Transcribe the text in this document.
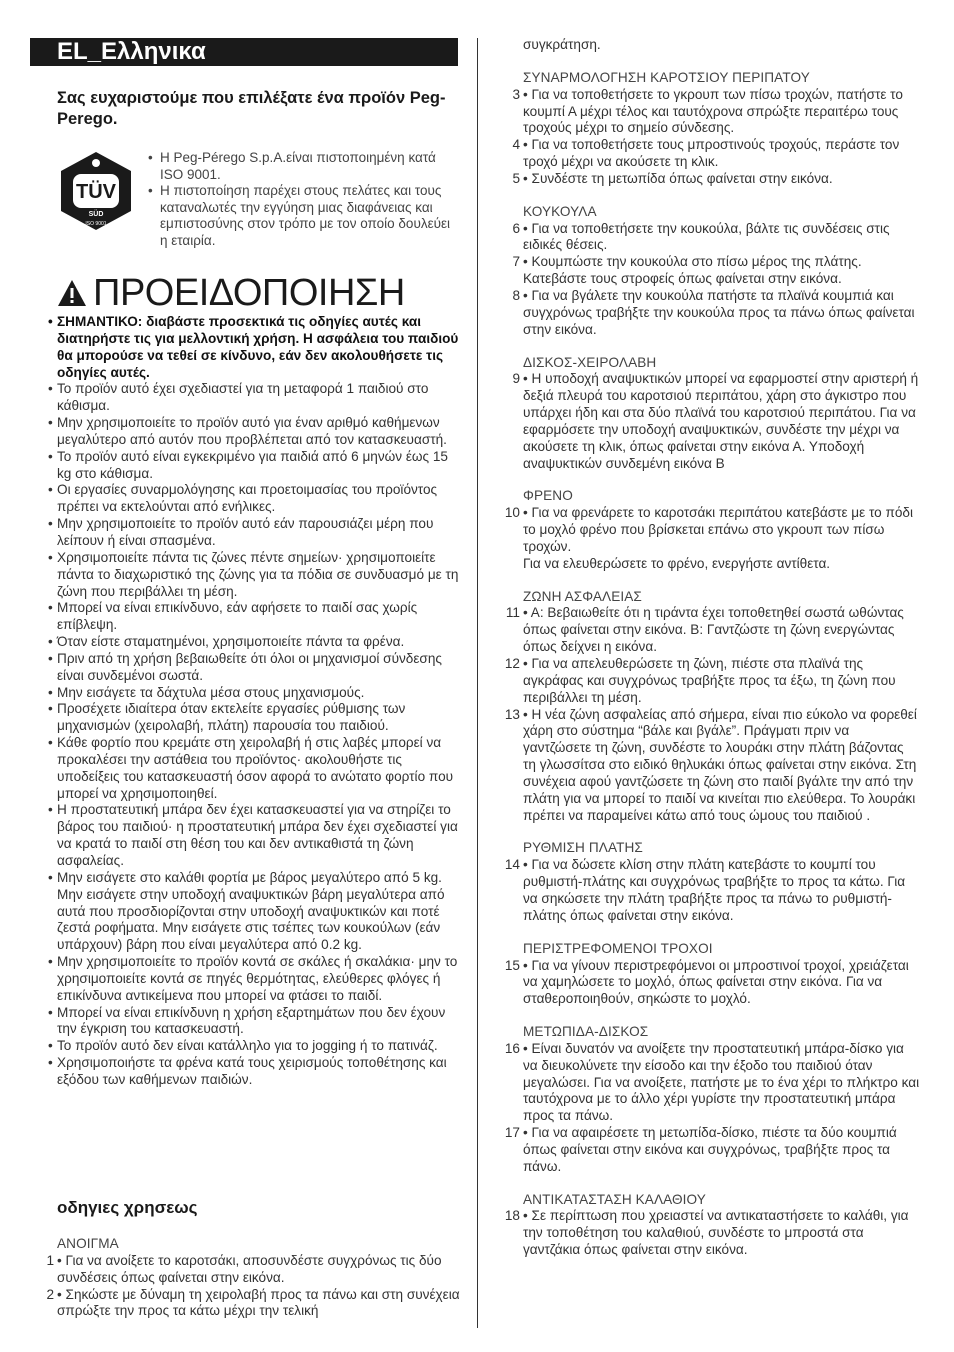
EL_Ελληνικα
Σας ευχαριστούμε που επιλέξατε ένα προϊόν Peg-Perego.
TÜV
SÜD
ISO 9001
• Η Peg-Pérego S.p.A.είναι πιστοποιημένη κατά ISO 9001.
• Η πιστοποίηση παρέχει στους πελάτες και τους καταναλωτές την εγγύηση μιας διαφάνειας και εμπιστοσύνης στον τρόπο με τον οποίο δουλεύει η εταιρία.
ΠΡΟΕΙΔΟΠΟΙΗΣΗ
• ΣΗΜΑΝΤΙΚΟ: διαβάστε προσεκτικά τις οδηγίες αυτές και διατηρήστε τις για μελλοντική χρήση. Η ασφάλεια του παιδιού θα μπορούσε να τεθεί σε κίνδυνο, εάν δεν ακολουθήσετε τις οδηγίες αυτές.
• Το προϊόν αυτό έχει σχεδιαστεί για τη μεταφορά 1 παιδιού στο κάθισμα.
• Μην χρησιμοποιείτε το προϊόν αυτό για έναν αριθμό καθήμενων μεγαλύτερο από αυτόν που προβλέπεται από τον κατασκευαστή.
• Το προϊόν αυτό είναι εγκεκριμένο για παιδιά από 6 μηνών έως 15 kg στο κάθισμα.
• Οι εργασίες συναρμολόγησης και προετοιμασίας του προϊόντος πρέπει να εκτελούνται από ενήλικες.
• Μην χρησιμοποιείτε το προϊόν αυτό εάν παρουσιάζει μέρη που λείπουν ή είναι σπασμένα.
• Χρησιμοποιείτε πάντα τις ζώνες πέντε σημείων· χρησιμοποιείτε πάντα το διαχωριστικό της ζώνης για τα πόδια σε συνδυασμό με τη ζώνη που περιβάλλει τη μέση.
• Μπορεί να είναι επικίνδυνο, εάν αφήσετε το παιδί σας χωρίς επίβλεψη.
• Όταν είστε σταματημένοι, χρησιμοποιείτε πάντα τα φρένα.
• Πριν από τη χρήση βεβαιωθείτε ότι όλοι οι μηχανισμοί σύνδεσης είναι συνδεμένοι σωστά.
• Μην εισάγετε τα δάχτυλα μέσα στους μηχανισμούς.
• Προσέχετε ιδιαίτερα όταν εκτελείτε εργασίες ρύθμισης των μηχανισμών (χειρολαβή, πλάτη) παρουσία του παιδιού.
• Κάθε φορτίο που κρεμάτε στη χειρολαβή ή στις λαβές μπορεί να προκαλέσει την αστάθεια του προϊόντος· ακολουθήστε τις υποδείξεις του κατασκευαστή όσον αφορά το ανώτατο φορτίο που μπορεί να χρησιμοποιηθεί.
• Η προστατευτική μπάρα δεν έχει κατασκευαστεί για να στηρίζει το βάρος του παιδιού· η προστατευτική μπάρα δεν έχει σχεδιαστεί για να κρατά το παιδί στη θέση του και δεν αντικαθιστά τη ζώνη ασφαλείας.
• Μην εισάγετε στο καλάθι φορτία με βάρος μεγαλύτερο από 5 kg. Μην εισάγετε στην υποδοχή αναψυκτικών βάρη μεγαλύτερα από αυτά που προσδιορίζονται στην υποδοχή αναψυκτικών και ποτέ ζεστά ροφήματα. Μην εισάγετε στις τσέπες των κουκούλων (εάν υπάρχουν) βάρη που είναι μεγαλύτερα από 0.2 kg.
• Μην χρησιμοποιείτε το προϊόν κοντά σε σκάλες ή σκαλάκια· μην το χρησιμοποιείτε κοντά σε πηγές θερμότητας, ελεύθερες φλόγες ή επικίνδυνα αντικείμενα που μπορεί να φτάσει το παιδί.
• Μπορεί να είναι επικίνδυνη η χρήση εξαρτημάτων που δεν έχουν την έγκριση του κατασκευαστή.
• Το προϊόν αυτό δεν είναι κατάλληλο για το jogging ή το πατινάζ.
• Χρησιμοποιήστε τα φρένα κατά τους χειρισμούς τοποθέτησης και εξόδου των καθήμενων παιδιών.
οδηγιες χρησεως
ΑΝΟΙΓΜΑ
1 • Για να ανοίξετε το καροτσάκι, αποσυνδέστε συγχρόνως τις δύο συνδέσεις όπως φαίνεται στην εικόνα.
2 • Σηκώστε με δύναμη τη χειρολαβή προς τα πάνω και στη συνέχεια σπρώξτε την προς τα κάτω μέχρι την τελική
συγκράτηση.
ΣΥΝΑΡΜΟΛΟΓΗΣΗ ΚΑΡΟΤΣΙΟΥ ΠΕΡΙΠΑΤΟΥ
3 • Για να τοποθετήσετε το γκρουπ των πίσω τροχών, πατήστε το κουμπί Α μέχρι τέλος και ταυτόχρονα σπρώξτε περαιτέρω τους τροχούς μέχρι το σημείο σύνδεσης.
4 • Για να τοποθετήσετε τους μπροστινούς τροχούς, περάστε τον τροχό μέχρι να ακούσετε τη κλικ.
5 • Συνδέστε τη μετωπίδα όπως φαίνεται στην εικόνα.
ΚΟΥΚΟΥΛΑ
6 • Για να τοποθετήσετε την κουκούλα, βάλτε τις συνδέσεις στις ειδικές θέσεις.
7 • Κουμπώστε την κουκούλα στο πίσω μέρος της πλάτης. Κατεβάστε τους στροφείς όπως φαίνεται στην εικόνα.
8 • Για να βγάλετε την κουκούλα πατήστε τα πλαϊνά κουμπιά και συγχρόνως τραβήξτε την κουκούλα προς τα πάνω όπως φαίνεται στην εικόνα.
ΔΙΣΚΟΣ-ΧΕΙΡΟΛΑΒΗ
9 • Η υποδοχή αναψυκτικών μπορεί να εφαρμοστεί στην αριστερή ή δεξιά πλευρά του καροτσιού περιπάτου, χάρη στο άγκιστρο που υπάρχει ήδη και στα δύο πλαϊνά του καροτσιού περιπάτου. Για να εφαρμόσετε την υποδοχή αναψυκτικών, συνδέστε την μέχρι να ακούσετε τη κλικ, όπως φαίνεται στην εικόνα Α. Υποδοχή αναψυκτικών συνδεμένη εικόνα Β
ΦΡΕΝΟ
10 • Για να φρενάρετε το καροτσάκι περιπάτου κατεβάστε με το πόδι το μοχλό φρένο που βρίσκεται επάνω στο γκρουπ των πίσω τροχών.
Για να ελευθερώσετε το φρένο, ενεργήστε αντίθετα.
ΖΩΝΗ ΑΣΦΑΛΕΙΑΣ
11 • Α: Βεβαιωθείτε ότι η τιράντα έχει τοποθετηθεί σωστά ωθώντας όπως φαίνεται στην εικόνα. Β: Γαντζώστε τη ζώνη ενεργώντας όπως δείχνει η εικόνα.
12 • Για να απελευθερώσετε τη ζώνη, πιέστε στα πλαϊνά της αγκράφας και συγχρόνως τραβήξτε προς τα έξω, τη ζώνη που περιβάλλει τη μέση.
13 • Η νέα ζώνη ασφαλείας από σήμερα, είναι πιο εύκολο να φορεθεί χάρη στο σύστημα “βάλε και βγάλε”. Πράγματι πριν να γαντζώσετε τη ζώνη, συνδέστε το λουράκι στην πλάτη βάζοντας τη γλωσσίτσα στο ειδικό θηλυκάκι όπως φαίνεται στην εικόνα. Στη συνέχεια αφού γαντζώσετε τη ζώνη στο παιδί βγάλτε την από την πλάτη για να μπορεί το παιδί να κινείται πιο ελεύθερα. Το λουράκι πρέπει να παραμείνει κάτω από τους ώμους του παιδιού .
ΡΥΘΜΙΣΗ ΠΛΑΤΗΣ
14 • Για να δώσετε κλίση στην πλάτη κατεβάστε το κουμπί του ρυθμιστή-πλάτης και συγχρόνως τραβήξτε το προς τα κάτω. Για να σηκώσετε την πλάτη τραβήξτε προς τα πάνω το ρυθμιστή-πλάτης όπως φαίνεται στην εικόνα.
ΠΕΡΙΣΤΡΕΦΟΜΕΝΟΙ ΤΡΟΧΟΙ
15 • Για να γίνουν περιστρεφόμενοι οι μπροστινοί τροχοί, χρειάζεται να χαμηλώσετε το μοχλό, όπως φαίνεται στην εικόνα. Για να σταθεροποιηθούν, σηκώστε το μοχλό.
ΜΕΤΩΠΙΔΑ-ΔΙΣΚΟΣ
16 • Είναι δυνατόν να ανοίξετε την προστατευτική μπάρα-δίσκο για να διευκολύνετε την είσοδο και την έξοδο του παιδιού όταν μεγαλώσει. Για να ανοίξετε, πατήστε με το ένα χέρι το πλήκτρο και ταυτόχρονα με το άλλο χέρι γυρίστε την προστατευτική μπάρα προς τα πάνω.
17 • Για να αφαιρέσετε τη μετωπίδα-δίσκο, πιέστε τα δύο κουμπιά όπως φαίνεται στην εικόνα και συγχρόνως, τραβήξτε προς τα πάνω.
ΑΝΤΙΚΑΤΑΣΤΑΣΗ ΚΑΛΑΘΙΟΥ
18 • Σε περίπτωση που χρειαστεί να αντικαταστήσετε το καλάθι, για την τοποθέτηση του καλαθιού, συνδέστε το μπροστά στα γαντζάκια όπως φαίνεται στην εικόνα.
